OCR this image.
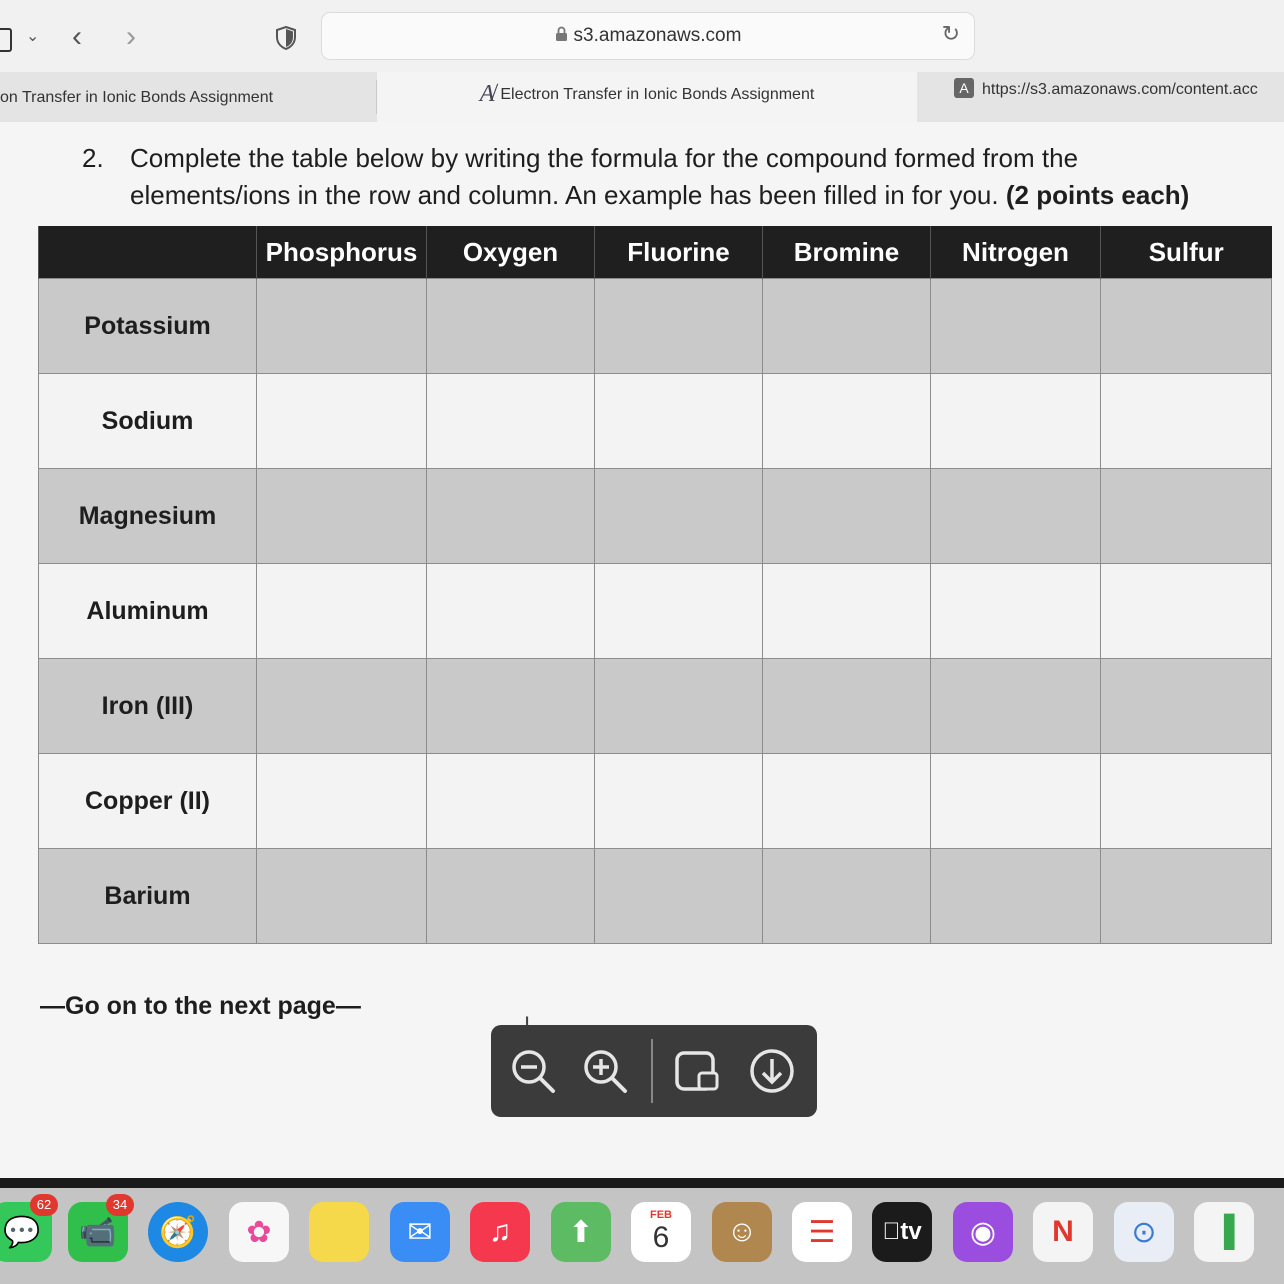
⌄ ‹ ›	s3.amazonaws.com	↻
on Transfer in Ionic Bonds Assignment	A̸ Electron Transfer in Ionic Bonds Assignment	A https://s3.amazonaws.com/content.acc
2. Complete the table below by writing the formula for the compound formed from the elements/ions in the row and column. An example has been filled in for you. (2 points each)
	Phosphorus	Oxygen	Fluorine	Bromine	Nitrogen	Sulfur
Potassium						
Sodium						
Magnesium						
Aluminum						
Iron (III)						
Copper (II)						
Barium						
—Go on to the next page—
💬
62
📹
34
🧭 ✿	✉ ♫ ⬆
FEB
6 ☺ ☰ tv ◉ N ⊙ ▐
